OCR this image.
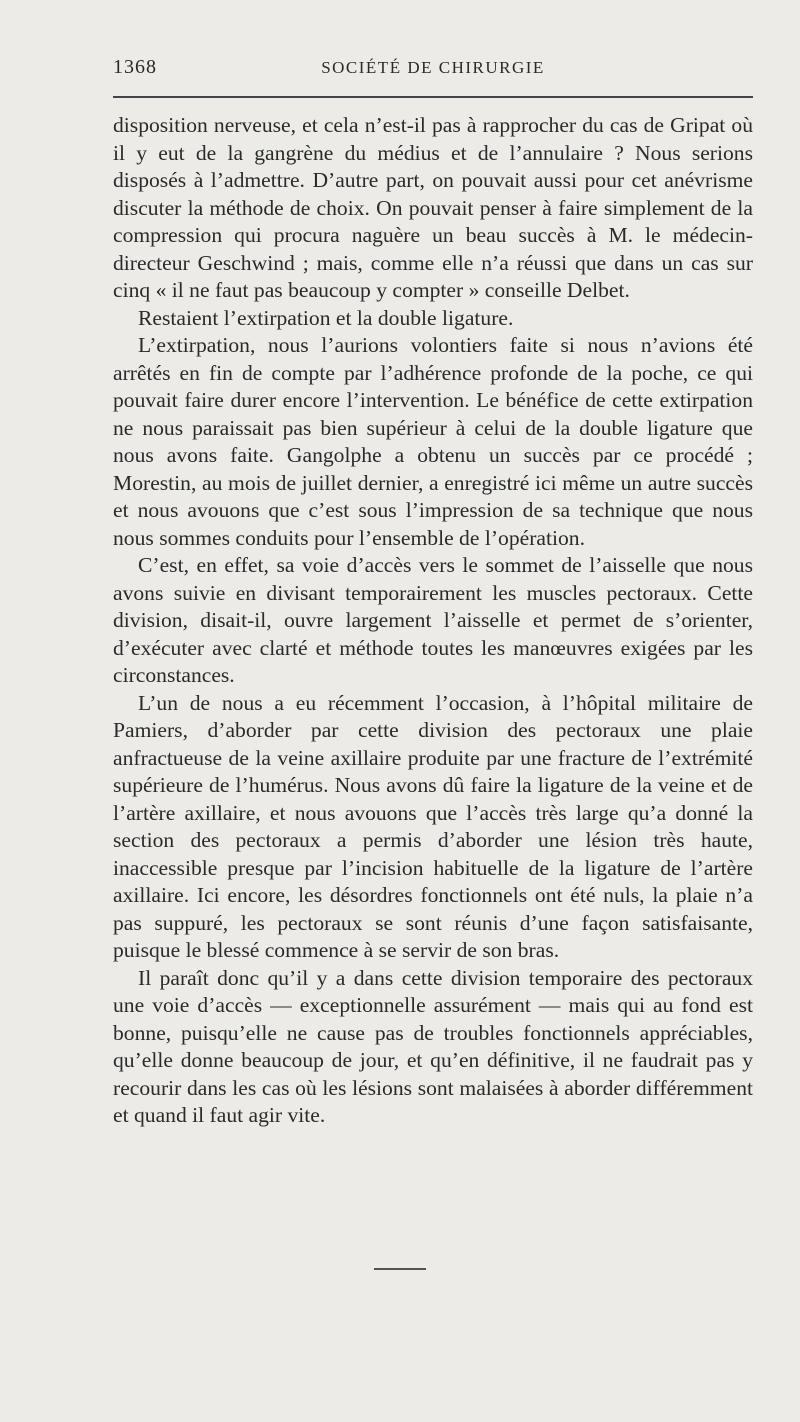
1368	SOCIÉTÉ DE CHIRURGIE

disposition nerveuse, et cela n’est-il pas à rapprocher du cas de Gripat où il y eut de la gangrène du médius et de l’annulaire ? Nous serions disposés à l’admettre. D’autre part, on pouvait aussi pour cet anévrisme discuter la méthode de choix. On pouvait penser à faire simplement de la compression qui procura naguère un beau succès à M. le médecin-directeur Geschwind ; mais, comme elle n’a réussi que dans un cas sur cinq « il ne faut pas beaucoup y compter » conseille Delbet.

Restaient l’extirpation et la double ligature.

L’extirpation, nous l’aurions volontiers faite si nous n’avions été arrêtés en fin de compte par l’adhérence profonde de la poche, ce qui pouvait faire durer encore l’intervention. Le bénéfice de cette extirpation ne nous paraissait pas bien supérieur à celui de la double ligature que nous avons faite. Gangolphe a obtenu un succès par ce procédé ; Morestin, au mois de juillet dernier, a enregistré ici même un autre succès et nous avouons que c’est sous l’impression de sa technique que nous nous sommes conduits pour l’ensemble de l’opération.

C’est, en effet, sa voie d’accès vers le sommet de l’aisselle que nous avons suivie en divisant temporairement les muscles pectoraux. Cette division, disait-il, ouvre largement l’aisselle et permet de s’orienter, d’exécuter avec clarté et méthode toutes les manœuvres exigées par les circonstances.

L’un de nous a eu récemment l’occasion, à l’hôpital militaire de Pamiers, d’aborder par cette division des pectoraux une plaie anfractueuse de la veine axillaire produite par une fracture de l’extrémité supérieure de l’humérus. Nous avons dû faire la ligature de la veine et de l’artère axillaire, et nous avouons que l’accès très large qu’a donné la section des pectoraux a permis d’aborder une lésion très haute, inaccessible presque par l’incision habituelle de la ligature de l’artère axillaire. Ici encore, les désordres fonctionnels ont été nuls, la plaie n’a pas suppuré, les pectoraux se sont réunis d’une façon satisfaisante, puisque le blessé commence à se servir de son bras.

Il paraît donc qu’il y a dans cette division temporaire des pectoraux une voie d’accès — exceptionnelle assurément — mais qui au fond est bonne, puisqu’elle ne cause pas de troubles fonctionnels appréciables, qu’elle donne beaucoup de jour, et qu’en définitive, il ne faudrait pas y recourir dans les cas où les lésions sont malaisées à aborder différemment et quand il faut agir vite.
